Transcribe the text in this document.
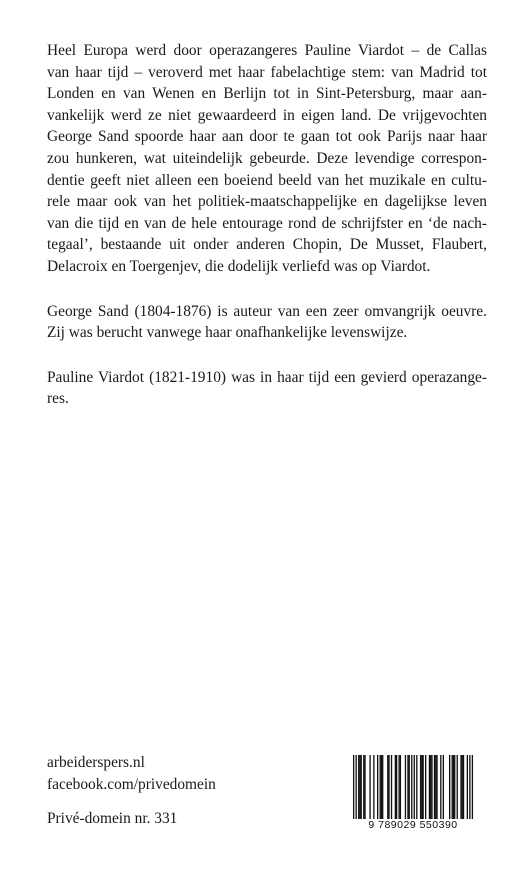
Heel Europa werd door operazangeres Pauline Viardot – de Callas
van haar tijd – veroverd met haar fabelachtige stem: van Madrid tot
Londen en van Wenen en Berlijn tot in Sint-Petersburg, maar aan-
vankelijk werd ze niet gewaardeerd in eigen land. De vrijgevochten
George Sand spoorde haar aan door te gaan tot ook Parijs naar haar
zou hunkeren, wat uiteindelijk gebeurde. Deze levendige correspon-
dentie geeft niet alleen een boeiend beeld van het muzikale en cultu-
rele maar ook van het politiek-maatschappelijke en dagelijkse leven
van die tijd en van de hele entourage rond de schrijfster en ‘de nach-
tegaal’, bestaande uit onder anderen Chopin, De Musset, Flaubert,
Delacroix en Toergenjev, die dodelijk verliefd was op Viardot.

George Sand (1804-1876) is auteur van een zeer omvangrijk oeuvre.
Zij was berucht vanwege haar onafhankelijke levenswijze.

Pauline Viardot (1821-1910) was in haar tijd een gevierd operazange-
res.

arbeiderspers.nl
facebook.com/privedomein
Privé-domein nr. 331	9 789029 550390
